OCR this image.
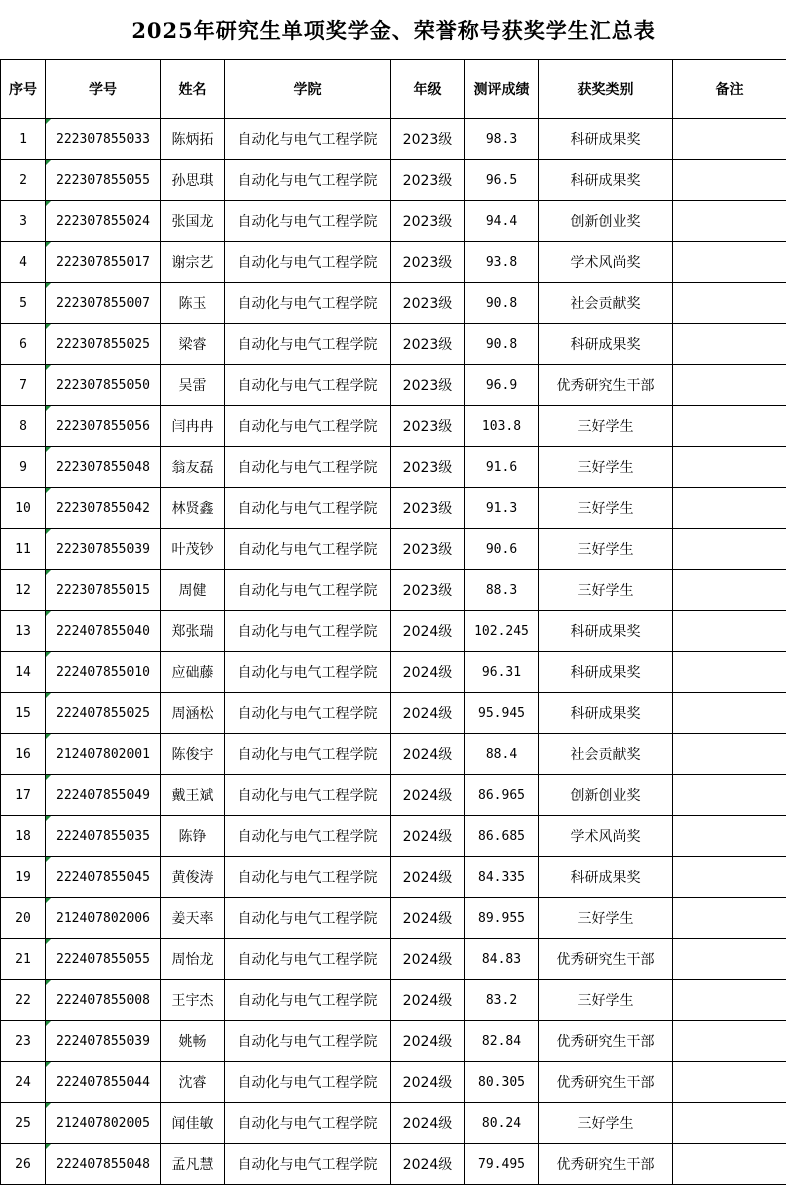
2025年研究生单项奖学金、荣誉称号获奖学生汇总表							
序号	学号	姓名	学院	年级	测评成绩	获奖类别	备注
1	222307855033	陈炳拓	自动化与电气工程学院	2023级	98.3	科研成果奖	
2	222307855055	孙思琪	自动化与电气工程学院	2023级	96.5	科研成果奖	
3	222307855024	张国龙	自动化与电气工程学院	2023级	94.4	创新创业奖	
4	222307855017	谢宗艺	自动化与电气工程学院	2023级	93.8	学术风尚奖	
5	222307855007	陈玉	自动化与电气工程学院	2023级	90.8	社会贡献奖	
6	222307855025	梁睿	自动化与电气工程学院	2023级	90.8	科研成果奖	
7	222307855050	吴雷	自动化与电气工程学院	2023级	96.9	优秀研究生干部	
8	222307855056	闫冉冉	自动化与电气工程学院	2023级	103.8	三好学生	
9	222307855048	翁友磊	自动化与电气工程学院	2023级	91.6	三好学生	
10	222307855042	林贤鑫	自动化与电气工程学院	2023级	91.3	三好学生	
11	222307855039	叶茂钞	自动化与电气工程学院	2023级	90.6	三好学生	
12	222307855015	周健	自动化与电气工程学院	2023级	88.3	三好学生	
13	222407855040	郑张瑞	自动化与电气工程学院	2024级	102.245	科研成果奖	
14	222407855010	应础藤	自动化与电气工程学院	2024级	96.31	科研成果奖	
15	222407855025	周涵松	自动化与电气工程学院	2024级	95.945	科研成果奖	
16	212407802001	陈俊宇	自动化与电气工程学院	2024级	88.4	社会贡献奖	
17	222407855049	戴王斌	自动化与电气工程学院	2024级	86.965	创新创业奖	
18	222407855035	陈铮	自动化与电气工程学院	2024级	86.685	学术风尚奖	
19	222407855045	黄俊涛	自动化与电气工程学院	2024级	84.335	科研成果奖	
20	212407802006	姜天率	自动化与电气工程学院	2024级	89.955	三好学生	
21	222407855055	周怡龙	自动化与电气工程学院	2024级	84.83	优秀研究生干部	
22	222407855008	王宇杰	自动化与电气工程学院	2024级	83.2	三好学生	
23	222407855039	姚畅	自动化与电气工程学院	2024级	82.84	优秀研究生干部	
24	222407855044	沈睿	自动化与电气工程学院	2024级	80.305	优秀研究生干部	
25	212407802005	闻佳敏	自动化与电气工程学院	2024级	80.24	三好学生	
26	222407855048	孟凡慧	自动化与电气工程学院	2024级	79.495	优秀研究生干部	
